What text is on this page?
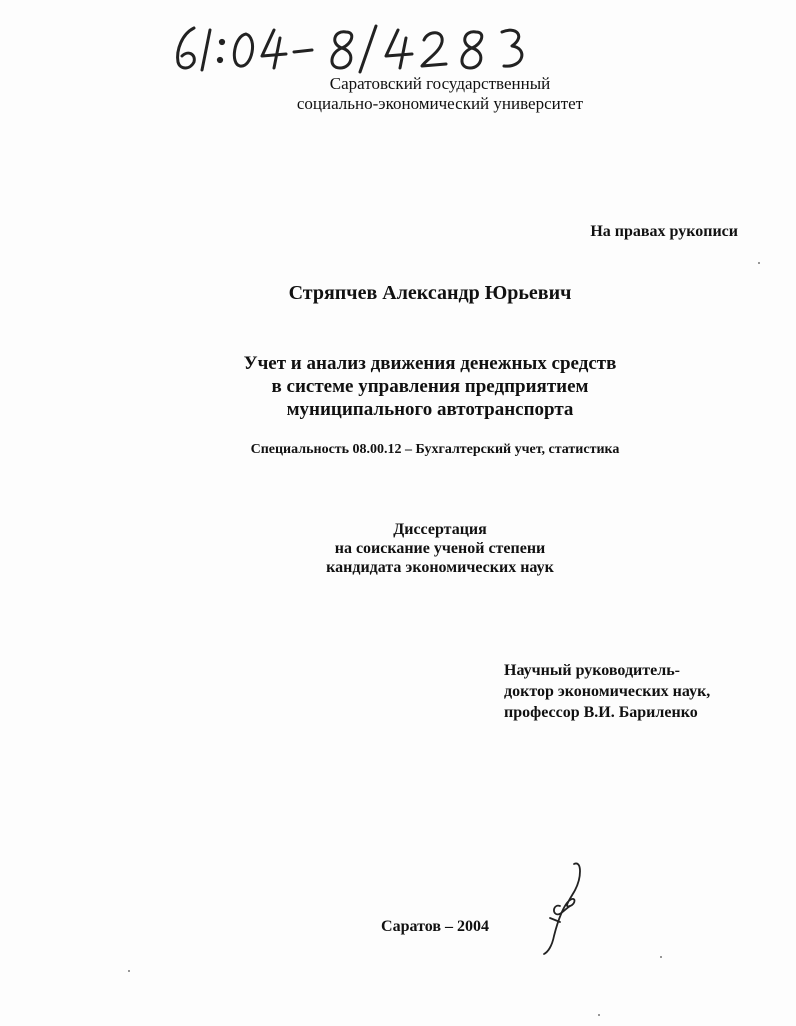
Саратовский государственный
социально-экономический университет
На правах рукописи
Стряпчев Александр Юрьевич
Учет и анализ движения денежных средств
в системе управления предприятием
муниципального автотранспорта
Специальность 08.00.12 – Бухгалтерский учет, статистика
Диссертация
на соискание ученой степени
кандидата экономических наук
Научный руководитель-
доктор экономических наук,
профессор В.И. Бариленко
Саратов – 2004
